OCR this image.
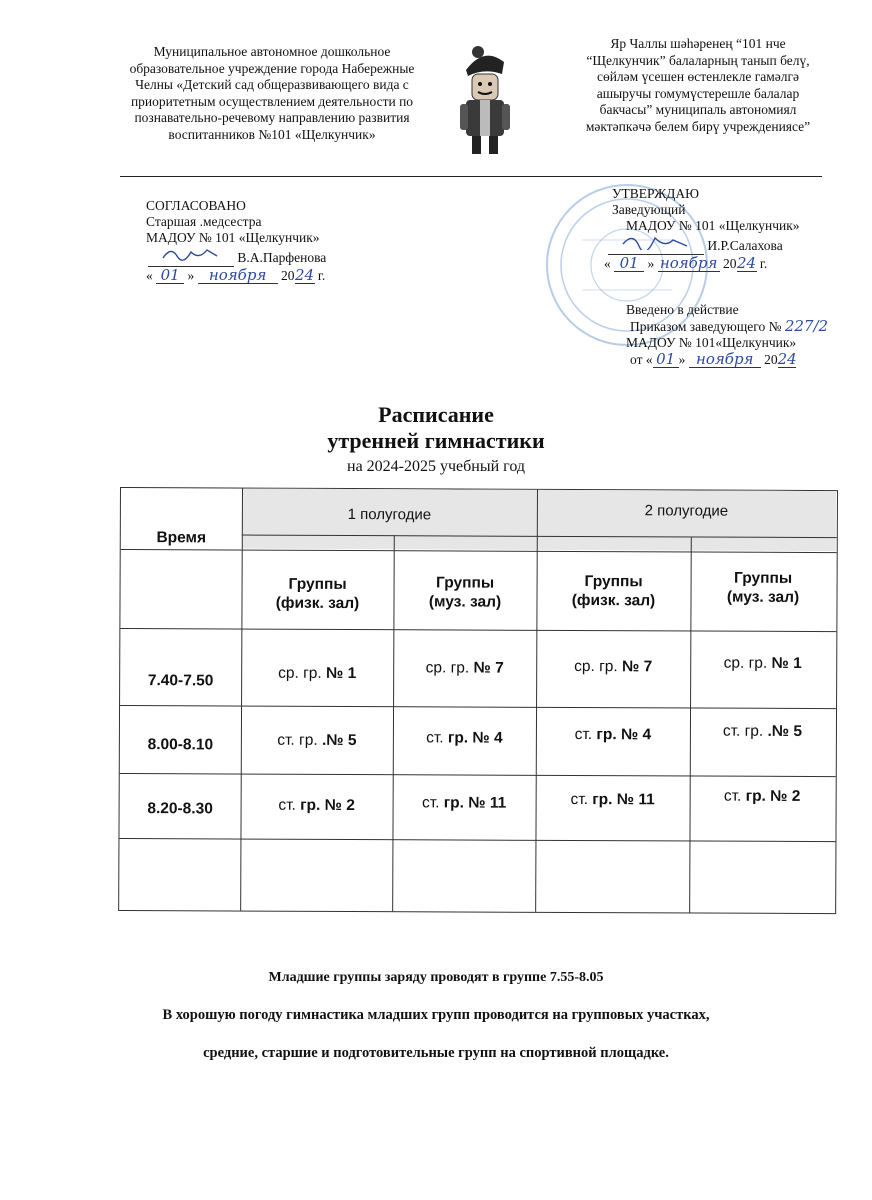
Муниципальное автономное дошкольное
образовательное учреждение города Набережные
Челны «Детский сад общеразвивающего вида с
приоритетным осуществлением деятельности по
познавательно-речевому направлению развития
воспитанников №101 «Щелкунчик»
Яр Чаллы шәһәренең “101 нче
“Щелкунчик” балаларның танып белү,
сөйләм үсешен өстенлекле гамәлгә
ашыручы гомумүстерешле балалар
бакчасы” муниципаль автономиял
мәктәпкәчә белем бирү учреждениясе”
СОГЛАСОВАНО
Старшая .медсестра
МАДОУ № 101 «Щелкунчик»
В.А.Парфенова
« 01 » ноября 2024 г.
УТВЕРЖДАЮ
Заведующий
МАДОУ № 101 «Щелкунчик»
И.Р.Салахова
« 01 » ноября 2024 г.
Введено в действие
Приказом заведующего № 227/2
МАДОУ № 101«Щелкунчик»
от « 01 » ноября 2024
Расписание
утренней гимнастики
на 2024-2025 учебный год
Время
1 полугодие	2 полугодие
Группы
(физк. зал)
Группы
(муз. зал)
Группы
(физк. зал)
Группы
(муз. зал)
7.40-7.50	ср. гр. № 1	ср. гр. № 7	ср. гр. № 7	ср. гр. № 1
8.00-8.10	ст. гр. .№ 5	ст. гр. № 4	ст. гр. № 4	ст. гр. .№ 5
8.20-8.30	ст. гр. № 2	ст. гр. № 11	ст. гр. № 11	ст. гр. № 2
Младшие группы заряду проводят в группе 7.55-8.05
В хорошую погоду гимнастика младших групп проводится на групповых участках,
средние, старшие и подготовительные групп на спортивной площадке.
